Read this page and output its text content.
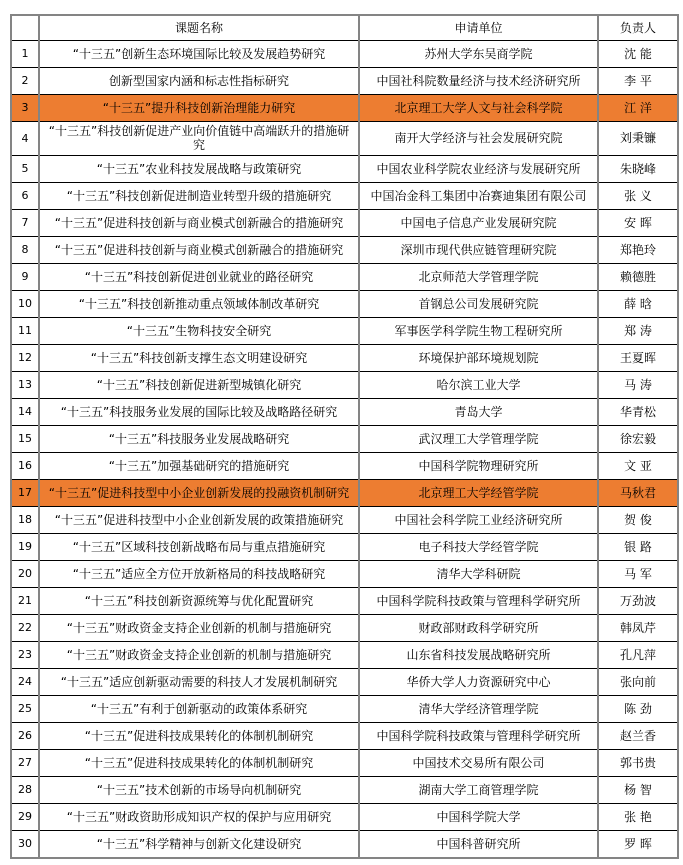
	课题名称	申请单位	负责人
1	“十三五”创新生态环境国际比较及发展趋势研究	苏州大学东吴商学院	沈 能
2	创新型国家内涵和标志性指标研究	中国社科院数量经济与技术经济研究所	李 平
3	“十三五”提升科技创新治理能力研究	北京理工大学人文与社会科学院	江 洋
4	“十三五”科技创新促进产业向价值链中高端跃升的措施研究	南开大学经济与社会发展研究院	刘秉镰
5	“十三五”农业科技发展战略与政策研究	中国农业科学院农业经济与发展研究所	朱晓峰
6	“十三五”科技创新促进制造业转型升级的措施研究	中国冶金科工集团中冶赛迪集团有限公司	张 义
7	“十三五”促进科技创新与商业模式创新融合的措施研究	中国电子信息产业发展研究院	安 晖
8	“十三五”促进科技创新与商业模式创新融合的措施研究	深圳市现代供应链管理研究院	郑艳玲
9	“十三五”科技创新促进创业就业的路径研究	北京师范大学管理学院	赖德胜
10	“十三五”科技创新推动重点领域体制改革研究	首钢总公司发展研究院	薛 晗
11	“十三五”生物科技安全研究	军事医学科学院生物工程研究所	郑 涛
12	“十三五”科技创新支撑生态文明建设研究	环境保护部环境规划院	王夏晖
13	“十三五”科技创新促进新型城镇化研究	哈尔滨工业大学	马 涛
14	“十三五”科技服务业发展的国际比较及战略路径研究	青岛大学	华青松
15	“十三五”科技服务业发展战略研究	武汉理工大学管理学院	徐宏毅
16	“十三五”加强基础研究的措施研究	中国科学院物理研究所	文 亚
17	“十三五”促进科技型中小企业创新发展的投融资机制研究	北京理工大学经管学院	马秋君
18	“十三五”促进科技型中小企业创新发展的政策措施研究	中国社会科学院工业经济研究所	贺 俊
19	“十三五”区域科技创新战略布局与重点措施研究	电子科技大学经管学院	银 路
20	“十三五”适应全方位开放新格局的科技战略研究	清华大学科研院	马 军
21	“十三五”科技创新资源统筹与优化配置研究	中国科学院科技政策与管理科学研究所	万劲波
22	“十三五”财政资金支持企业创新的机制与措施研究	财政部财政科学研究所	韩凤芹
23	“十三五”财政资金支持企业创新的机制与措施研究	山东省科技发展战略研究所	孔凡萍
24	“十三五”适应创新驱动需要的科技人才发展机制研究	华侨大学人力资源研究中心	张向前
25	“十三五”有利于创新驱动的政策体系研究	清华大学经济管理学院	陈 劲
26	“十三五”促进科技成果转化的体制机制研究	中国科学院科技政策与管理科学研究所	赵兰香
27	“十三五”促进科技成果转化的体制机制研究	中国技术交易所有限公司	郭书贵
28	“十三五”技术创新的市场导向机制研究	湖南大学工商管理学院	杨 智
29	“十三五”财政资助形成知识产权的保护与应用研究	中国科学院大学	张 艳
30	“十三五”科学精神与创新文化建设研究	中国科普研究所	罗 晖
